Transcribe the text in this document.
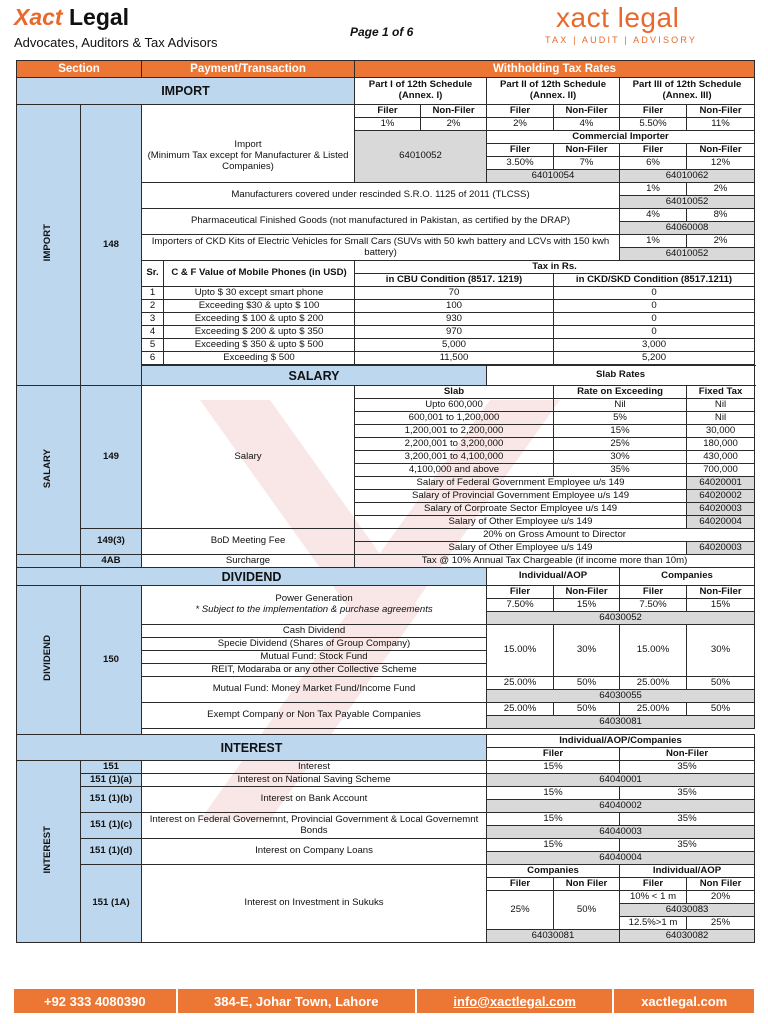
Xact Legal
Advocates, Auditors & Tax Advisors
Page 1 of 6	xact legal
TAX | AUDIT | ADVISORY
Section		Payment/Transaction		Withholding Tax Rates					
IMPORT				Part I of 12th Schedule (Annex. I)		Part II of 12th Schedule (Annex. II)		Part III of 12th Schedule (Annex. III)	
IMPORT	148			Filer	Non-Filer	Filer	Non-Filer	Filer	Non-Filer
				1%	2%	2%	4%	5.50%	11%

		Import
(Minimum Tax except for Manufacturer & Listed Companies)		64010052		Commercial Importer			
						Filer	Non-Filer	Filer	Non-Filer
						3.50%	7%	6%	12%
						64010054		64010062	
		Manufacturers covered under rescinded S.R.O. 1125 of 2011 (TLCSS)						1%	2%
								64010052	
		Pharmaceutical Finished Goods (not manufactured in Pakistan, as certified by the DRAP)						4%	8%
								64060008	
		Importers of CKD Kits of Electric Vehicles for Small Cars (SUVs with 50 kwh battery and LCVs with 150 kwh battery)						1%	2%
								64010052	
		Sr.	C & F Value of Mobile Phones (in USD)	Tax in Rs.					
				in CBU Condition (8517. 1219)			in CKD/SKD Condition (8517.1211)		
		1	Upto $ 30 except smart phone	70			0		
		2	Exceeding $30 & upto $ 100	100			0		
		3	Exceeding $ 100 & upto $ 200	930			0		
		4	Exceeding $ 200 & upto $ 350	970			0		
		5	Exceeding $ 350 & upto $ 500	5,000			3,000		
		6	Exceeding $ 500	11,500			5,200		

		SALARY				Slab Rates			
SALARY	149	Salary		Slab			Rate on Exceeding		Fixed Tax
				Upto 600,000			Nil		Nil
				600,001 to 1,200,000			5%		Nil
				1,200,001 to 2,200,000			15%		30,000
				2,200,001 to 3,200,000			25%		180,000
				3,200,001 to 4,100,000			30%		430,000
				4,100,000 and above			35%		700,000
				Salary of Federal Government Employee u/s 149					64020001
				Salary of Provincial Government Employee u/s 149					64020002
				Salary of Corproate Sector Employee u/s 149					64020003
				Salary of Other Employee u/s 149					64020004
	149(3)	BoD Meeting Fee		20% on Gross Amount to Director					
				Salary of Other Employee u/s 149					64020003
	4AB	Surcharge		Tax @ 10% Annual Tax Chargeable (if income more than 10m)					
DIVIDEND						Individual/AOP		Companies	
DIVIDEND	150	Power Generation
* Subject to the implementation & purchase agreements				Filer	Non-Filer	Filer	Non-Filer
						7.50%	15%	7.50%	15%
						64030052			
		Cash Dividend				15.00%	30%	15.00%	30%
		Specie Dividend (Shares of Group Company)							
		Mutual Fund: Stock Fund							
		REIT, Modaraba or any other Collective Scheme							
		Mutual Fund: Money Market Fund/Income Fund				25.00%	50%	25.00%	50%
						64030055			
		Exempt Company or Non Tax Payable Companies				25.00%	50%	25.00%	50%
						64030081			

INTEREST						Individual/AOP/Companies			
						Filer		Non-Filer	
INTEREST	151	Interest				15%		35%	
	151 (1)(a)	Interest on National Saving Scheme				64040001			
	151 (1)(b)	Interest on Bank Account				15%		35%	
						64040002			
	151 (1)(c)	Interest on Federal Governemnt, Provincial Government & Local Governemnt Bonds				15%		35%	
						64040003			
	151 (1)(d)	Interest on Company Loans				15%		35%	
						64040004			
	151 (1A)	Interest on Investment in Sukuks				Companies		Individual/AOP	
						Filer	Non Filer	Filer	Non Filer
						25%	50%	10% < 1 m	20%
								64030083	
								12.5%>1 m	25%
						64030081		64030082	
+92 333 4080390	384-E, Johar Town, Lahore	info@xactlegal.com	xactlegal.com
